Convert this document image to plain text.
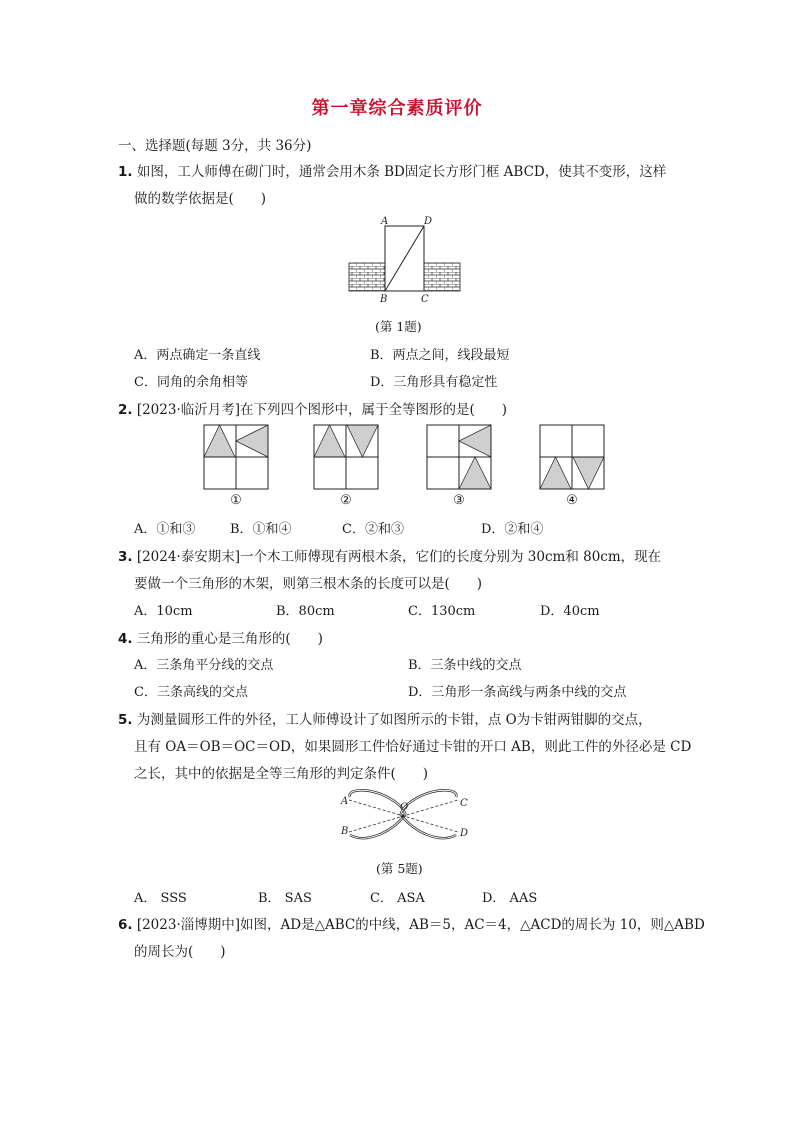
第一章综合素质评价
一、选择题(每题 3分，共 36分)
1. 如图，工人师傅在砌门时，通常会用木条 BD固定长方形门框 ABCD，使其不变形，这样
做的数学依据是(　　)
A	D
B	C
(第 1题)
A．两点确定一条直线	B．两点之间，线段最短
C．同角的余角相等	D．三角形具有稳定性
2. [2023·临沂月考]在下列四个图形中，属于全等图形的是(　　)
①	②	③	④
A．①和③	B．①和④	C．②和③	D．②和④
3. [2024·泰安期末]一个木工师傅现有两根木条，它们的长度分别为 30cm和 80cm，现在
要做一个三角形的木架，则第三根木条的长度可以是(　　)
A．10cm	B．80cm	C．130cm	D．40cm
4. 三角形的重心是三角形的(　　)
A．三条角平分线的交点	B．三条中线的交点
C．三条高线的交点	D．三角形一条高线与两条中线的交点
5. 为测量圆形工件的外径，工人师傅设计了如图所示的卡钳，点 O为卡钳两钳脚的交点，
且有 OA＝OB＝OC＝OD，如果圆形工件恰好通过卡钳的开口 AB，则此工件的外径必是 CD
之长，其中的依据是全等三角形的判定条件(　　)
A
B
C
D
O
(第 5题)
A． SSS	B． SAS	C． ASA	D． AAS
6. [2023·淄博期中]如图，AD是△ABC的中线，AB＝5，AC＝4，△ACD的周长为 10，则△ABD
的周长为(　　)
